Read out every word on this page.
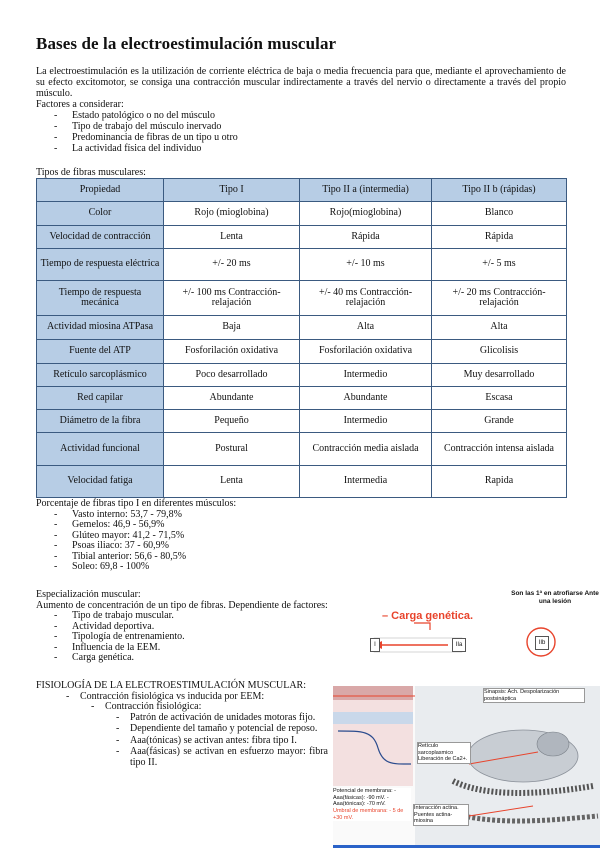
Bases de la electroestimulación muscular

La electroestimulación es la utilización de corriente eléctrica de baja o media frecuencia para que, mediante el aprovechamiento de su efecto excitomotor, se consiga una contracción muscular indirectamente a través del nervio o directamente a través del propio músculo.

Factores a considerar:

- Estado patológico o no del músculo
- Tipo de trabajo del músculo inervado
- Predominancia de fibras de un tipo u otro
- La actividad física del individuo
Tipos de fibras musculares:
Propiedad	Tipo I	Tipo II a (intermedia)	Tipo II b (rápidas)
Color	Rojo (mioglobina)	Rojo(mioglobina)	Blanco
Velocidad de contracción	Lenta	Rápida	Rápida
Tiempo de respuesta eléctrica	+/- 20 ms	+/- 10 ms	+/- 5 ms
Tiempo de respuesta mecánica	+/- 100 ms Contracción-relajación	+/- 40 ms Contracción-relajación	+/- 20 ms Contracción-relajación
Actividad miosina ATPasa	Baja	Alta	Alta
Fuente del ATP	Fosforilación oxidativa	Fosforilación oxidativa	Glicolisis
Retículo sarcoplásmico	Poco desarrollado	Intermedio	Muy desarrollado
Red capilar	Abundante	Abundante	Escasa
Diámetro de la fibra	Pequeño	Intermedio	Grande
Actividad funcional	Postural	Contracción media aislada	Contracción intensa aislada
Velocidad fatiga	Lenta	Intermedia	Rapida

Porcentaje de fibras tipo I en diferentes músculos:

- Vasto interno: 53,7 - 79,8%
- Gemelos: 46,9 - 56,9%
- Glúteo mayor: 41,2 - 71,5%
- Psoas iliaco: 37 - 60,9%
- Tibial anterior: 56,6 - 80,5%
- Soleo: 69,8 - 100%

Especialización muscular:

Aumento de concentración de un tipo de fibras. Dependiente de factores:

- Tipo de trabajo muscular.
- Actividad deportiva.
- Tipología de entrenamiento.
- Influencia de la EEM.
- Carga genética.
Son las 1ª en atrofiarse Ante una lesión
– Carga genética.
I	IIa	IIb

FISIOLOGÍA DE LA ELECTROESTIMULACIÓN MUSCULAR:

- Contracción fisiológica vs inducida por EEM:
- Contracción fisiológica:
- Patrón de activación de unidades motoras fijo.
- Dependiente del tamaño y potencial de reposo.
- Aaa(tónicas) se activan antes: fibra tipo I.
- Aaa(fásicas) se activan en esfuerzo mayor: fibra tipo II.
Sinapsis: Ach. Despolarización postsináptica
Retículo sarcoplasmico Liberación de Ca2+.
Potencial de membrana: - Aaa(fásicas): -90 mV. - Aaa(tónicas): -70 mV.
Umbral de membrana: - 5 de +30 mV.
Interacción actina. Puentes actina-miosina
